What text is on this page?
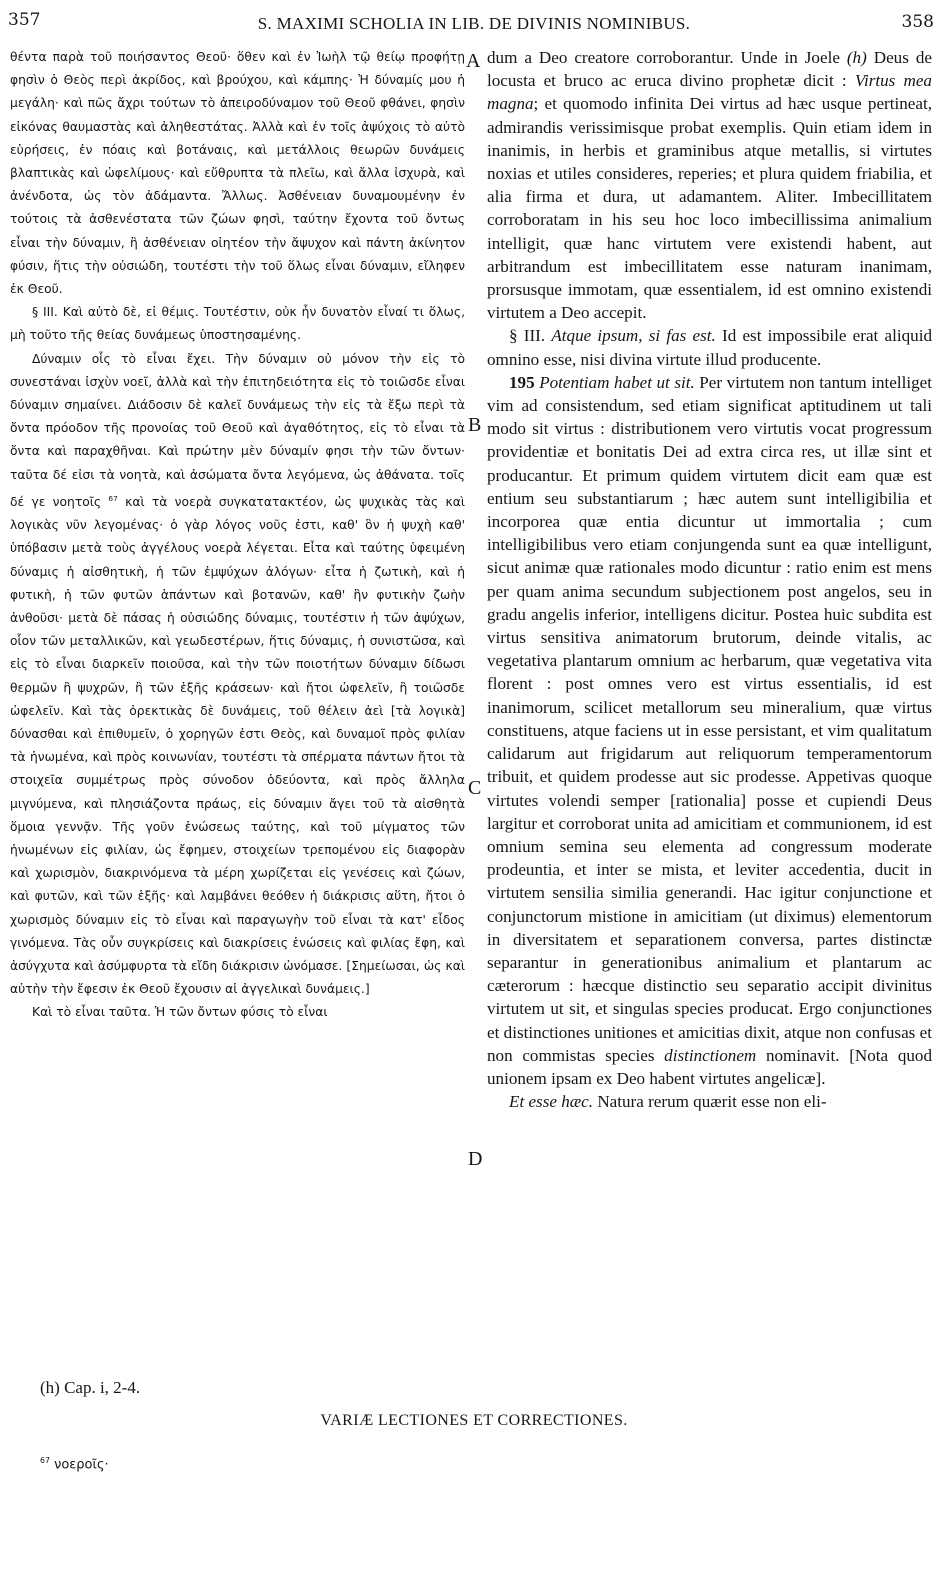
357	S. MAXIMI SCHOLIA IN LIB. DE DIVINIS NOMINIBUS.	358

θέντα παρὰ τοῦ ποιήσαντος Θεοῦ· ὅθεν καὶ ἐν Ἰωὴλ τῷ θείῳ προφήτῃ φησὶν ὁ Θεὸς περὶ ἀκρίδος, καὶ βρούχου, καὶ κάμπης· Ἡ δύναμίς μου ἡ μεγάλη· καὶ πῶς ἄχρι τούτων τὸ ἀπειροδύναμον τοῦ Θεοῦ φθάνει, φησὶν εἰκόνας θαυμαστὰς καὶ ἀληθεστάτας. Ἀλλὰ καὶ ἐν τοῖς ἀψύχοις τὸ αὐτὸ εὑρήσεις, ἐν πόαις καὶ βοτάναις, καὶ μετάλλοις θεωρῶν δυνάμεις βλαπτικὰς καὶ ὠφελίμους· καὶ εὔθρυπτα τὰ πλεῖω, καὶ ἄλλα ἰσχυρὰ, καὶ ἀνένδοτα, ὡς τὸν ἀδάμαντα. Ἄλλως. Ἀσθένειαν δυναμουμένην ἐν τούτοις τὰ ἀσθενέστατα τῶν ζώων φησὶ, ταύτην ἔχοντα τοῦ ὄντως εἶναι τὴν δύναμιν, ἢ ἀσθένειαν οἰητέον τὴν ἄψυχον καὶ πάντη ἀκίνητον φύσιν, ἥτις τὴν οὐσιώδη, τουτέστι τὴν τοῦ ὅλως εἶναι δύναμιν, εἴληφεν ἐκ Θεοῦ.

§ III. Καὶ αὐτὸ δὲ, εἰ θέμις. Τουτέστιν, οὐκ ἦν δυνατὸν εἶναί τι ὅλως, μὴ τοῦτο τῆς θείας δυνάμεως ὑποστησαμένης.

Δύναμιν οἷς τὸ εἶναι ἔχει. Τὴν δύναμιν οὐ μόνον τὴν εἰς τὸ συνεστάναι ἰσχὺν νοεῖ, ἀλλὰ καὶ τὴν ἐπιτηδειότητα εἰς τὸ τοιῶσδε εἶναι δύναμιν σημαίνει. Διάδοσιν δὲ καλεῖ δυνάμεως τὴν εἰς τὰ ἔξω περὶ τὰ ὄντα πρόοδον τῆς προνοίας τοῦ Θεοῦ καὶ ἀγαθότητος, εἰς τὸ εἶναι τὰ ὄντα καὶ παραχθῆναι. Καὶ πρώτην μὲν δύναμίν φησι τὴν τῶν ὄντων· ταῦτα δέ εἰσι τὰ νοητὰ, καὶ ἀσώματα ὄντα λεγόμενα, ὡς ἀθάνατα. τοῖς δέ γε νοητοῖς $^{67}$ καὶ τὰ νοερὰ συγκατατακτέον, ὡς ψυχικὰς τὰς καὶ λογικὰς νῦν λεγομένας· ὁ γὰρ λόγος νοῦς ἐστι, καθ' ὃν ἡ ψυχὴ καθ' ὑπόβασιν μετὰ τοὺς ἀγγέλους νοερὰ λέγεται. Εἶτα καὶ ταύτης ὑφειμένη δύναμις ἡ αἰσθητικὴ, ἡ τῶν ἐμψύχων ἀλόγων· εἶτα ἡ ζωτικὴ, καὶ ἡ φυτικὴ, ἡ τῶν φυτῶν ἁπάντων καὶ βοτανῶν, καθ' ἣν φυτικὴν ζωὴν ἀνθοῦσι· μετὰ δὲ πάσας ἡ οὐσιώδης δύναμις, τουτέστιν ἡ τῶν ἀψύχων, οἷον τῶν μεταλλικῶν, καὶ γεωδεστέρων, ἥτις δύναμις, ἡ συνιστῶσα, καὶ εἰς τὸ εἶναι διαρκεῖν ποιοῦσα, καὶ τὴν τῶν ποιοτήτων δύναμιν δίδωσι θερμῶν ἢ ψυχρῶν, ἢ τῶν ἑξῆς κράσεων· καὶ ἤτοι ὠφελεῖν, ἢ τοιῶσδε ὠφελεῖν. Καὶ τὰς ὀρεκτικὰς δὲ δυνάμεις, τοῦ θέλειν ἀεὶ [τὰ λογικὰ] δύνασθαι καὶ ἐπιθυμεῖν, ὁ χορηγῶν ἐστι Θεὸς, καὶ δυναμοῖ πρὸς φιλίαν τὰ ἡνωμένα, καὶ πρὸς κοινωνίαν, τουτέστι τὰ σπέρματα πάντων ἤτοι τὰ στοιχεῖα συμμέτρως πρὸς σύνοδον ὁδεύοντα, καὶ πρὸς ἄλληλα μιγνύμενα, καὶ πλησιάζοντα πράως, εἰς δύναμιν ἄγει τοῦ τὰ αἰσθητὰ ὅμοια γεννᾷν. Τῆς γοῦν ἑνώσεως ταύτης, καὶ τοῦ μίγματος τῶν ἡνωμένων εἰς φιλίαν, ὡς ἔφημεν, στοιχείων τρεπομένου εἰς διαφορὰν καὶ χωρισμὸν, διακρινόμενα τὰ μέρη χωρίζεται εἰς γενέσεις καὶ ζώων, καὶ φυτῶν, καὶ τῶν ἑξῆς· καὶ λαμβάνει θεόθεν ἡ διάκρισις αὕτη, ἤτοι ὁ χωρισμὸς δύναμιν εἰς τὸ εἶναι καὶ παραγωγὴν τοῦ εἶναι τὰ κατ' εἶδος γινόμενα. Τὰς οὖν συγκρίσεις καὶ διακρίσεις ἑνώσεις καὶ φιλίας ἔφη, καὶ ἀσύγχυτα καὶ ἀσύμφυρτα τὰ εἴδη διάκρισιν ὠνόμασε. [Σημείωσαι, ὡς καὶ αὐτὴν τὴν ἔφεσιν ἐκ Θεοῦ ἔχουσιν αἱ ἀγγελικαὶ δυνάμεις.]

Καὶ τὸ εἶναι ταῦτα. Ἡ τῶν ὄντων φύσις τὸ εἶναι

dum a Deo creatore corroborantur. Unde in Joele (h) Deus de locusta et bruco ac eruca divino prophetæ dicit : Virtus mea magna; et quomodo infinita Dei virtus ad hæc usque pertineat, admirandis verissimisque probat exemplis. Quin etiam idem in inanimis, in herbis et graminibus atque metallis, si virtutes noxias et utiles consideres, reperies; et plura quidem friabilia, et alia firma et dura, ut adamantem. Aliter. Imbecillitatem corroboratam in his seu hoc loco imbecillissima animalium intelligit, quæ hanc virtutem vere existendi habent, aut arbitrandum est imbecillitatem esse naturam inanimam, prorsusque immotam, quæ essentialem, id est omnino existendi virtutem a Deo accepit.

§ III. Atque ipsum, si fas est. Id est impossibile erat aliquid omnino esse, nisi divina virtute illud producente.

195 Potentiam habet ut sit. Per virtutem non tantum intelliget vim ad consistendum, sed etiam significat aptitudinem ut tali modo sit virtus : distributionem vero virtutis vocat progressum providentiæ et bonitatis Dei ad extra circa res, ut illæ sint et producantur. Et primum quidem virtutem dicit eam quæ est entium seu substantiarum ; hæc autem sunt intelligibilia et incorporea quæ entia dicuntur ut immortalia ; cum intelligibilibus vero etiam conjungenda sunt ea quæ intelligunt, sicut animæ quæ rationales modo dicuntur : ratio enim est mens per quam anima secundum subjectionem post angelos, seu in gradu angelis inferior, intelligens dicitur. Postea huic subdita est virtus sensitiva animatorum brutorum, deinde vitalis, ac vegetativa plantarum omnium ac herbarum, quæ vegetativa vita florent : post omnes vero est virtus essentialis, id est inanimorum, scilicet metallorum seu mineralium, quæ virtus constituens, atque faciens ut in esse persistant, et vim qualitatum calidarum aut frigidarum aut reliquorum temperamentorum tribuit, et quidem prodesse aut sic prodesse. Appetivas quoque virtutes volendi semper [rationalia] posse et cupiendi Deus largitur et corroborat unita ad amicitiam et communionem, id est omnium semina seu elementa ad congressum moderate prodeuntia, et inter se mista, et leviter accedentia, ducit in virtutem sensilia similia generandi. Hac igitur conjunctione et conjunctorum mistione in amicitiam (ut diximus) elementorum in diversitatem et separationem conversa, partes distinctæ separantur in generationibus animalium et plantarum ac cæterorum : hæcque distinctio seu separatio accipit divinitus virtutem ut sit, et singulas species producat. Ergo conjunctiones et distinctiones unitiones et amicitias dixit, atque non confusas et non commistas species distinctionem nominavit. [Nota quod unionem ipsam ex Deo habent virtutes angelicæ].

Et esse hæc. Natura rerum quærit esse non eli-

A
B
C
D
(h) Cap. i, 2-4.
VARIÆ LECTIONES ET CORRECTIONES.
$^{67}$ νοεροῖς·
